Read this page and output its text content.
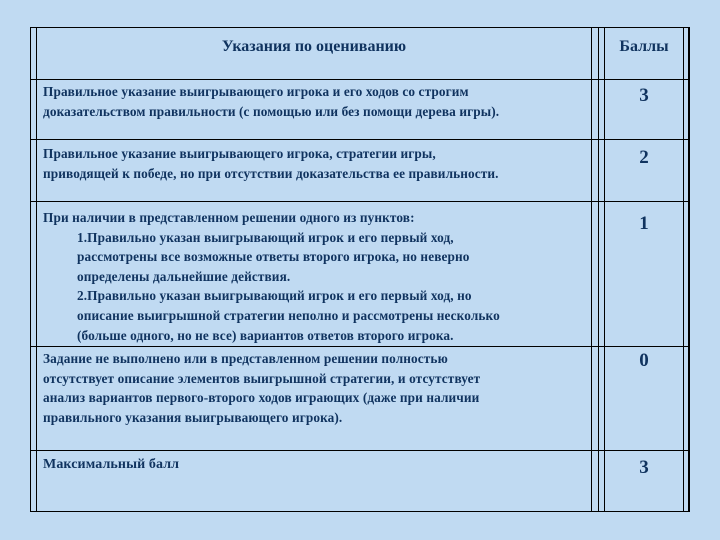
Указания по оцениванию	Баллы
Правильное указание выигрывающего игрока и его ходов со строгим
доказательством правильности (с помощью или без помощи дерева игры).
3
Правильное указание выигрывающего игрока, стратегии игры,
приводящей к победе, но при отсутствии доказательства ее правильности.
2
При наличии в представленном решении одного из пунктов:
1.Правильно указан выигрывающий игрок и его первый ход,
рассмотрены все возможные ответы второго игрока, но неверно
определены дальнейшие действия.
2.Правильно указан выигрывающий игрок и его первый ход, но
описание выигрышной стратегии неполно и рассмотрены несколько
(больше одного, но не все) вариантов ответов второго игрока.
1
Задание не выполнено или в представленном решении полностью
отсутствует описание элементов выигрышной стратегии, и отсутствует
анализ вариантов первого-второго ходов играющих (даже при наличии
правильного указания выигрывающего игрока).
0
Максимальный балл	3
